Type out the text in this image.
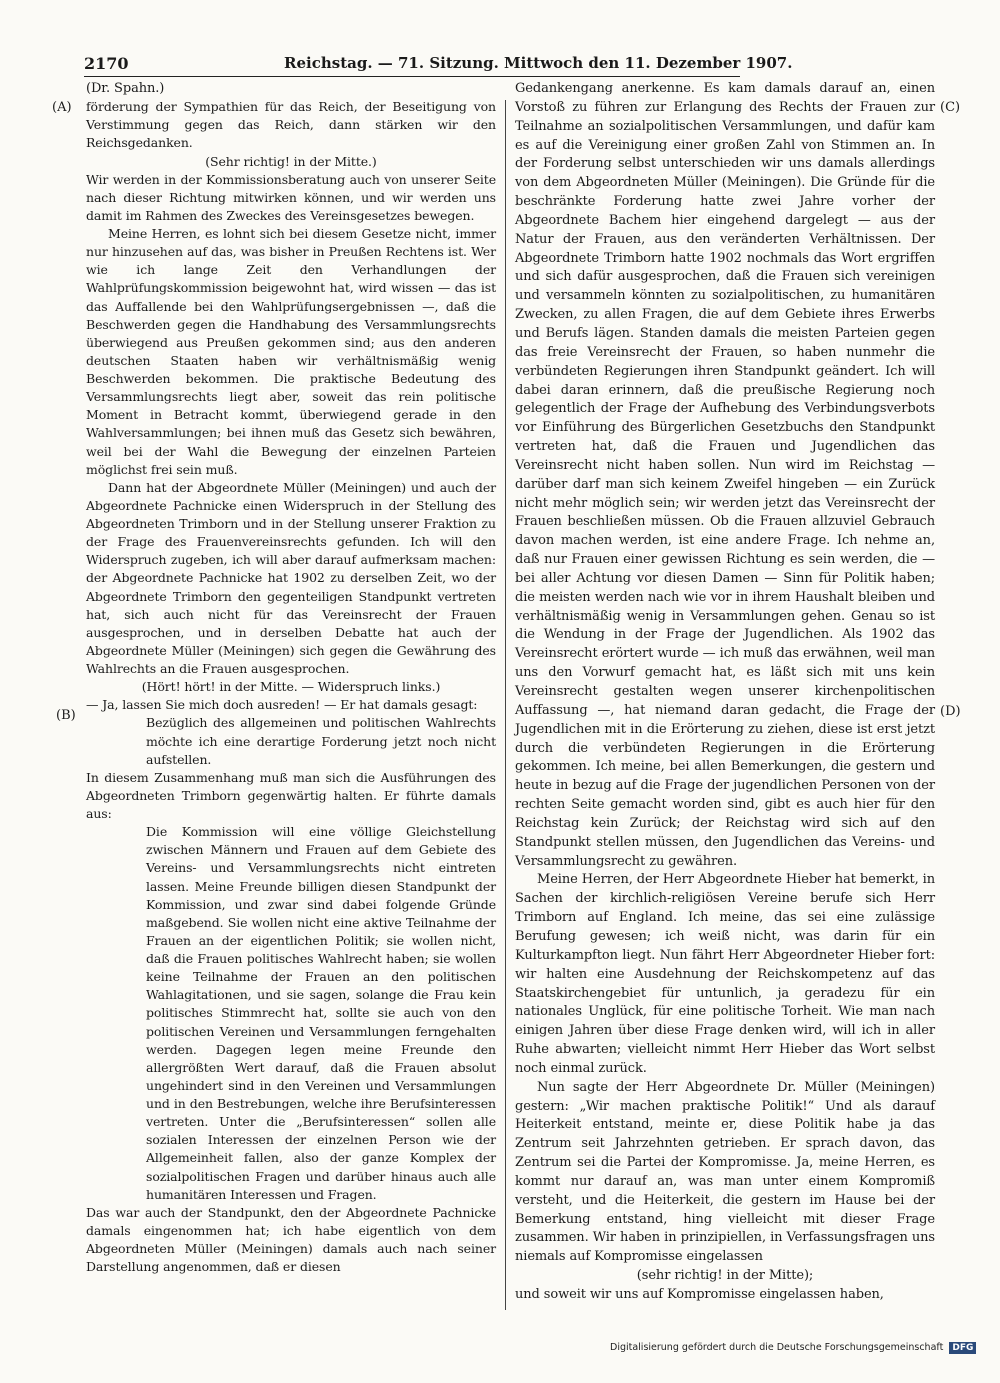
2170	Reichstag. — 71. Sitzung. Mittwoch den 11. Dezember 1907.
(A)
(B)
(C)
(D)

(Dr. Spahn.)

förderung der Sympathien für das Reich, der Beseitigung von Verstimmung gegen das Reich, dann stärken wir den Reichsgedanken.

(Sehr richtig! in der Mitte.)

Wir werden in der Kommissionsberatung auch von unserer Seite nach dieser Richtung mitwirken können, und wir werden uns damit im Rahmen des Zweckes des Vereinsgesetzes bewegen.

Meine Herren, es lohnt sich bei diesem Gesetze nicht, immer nur hinzusehen auf das, was bisher in Preußen Rechtens ist. Wer wie ich lange Zeit den Verhandlungen der Wahlprüfungskommission beigewohnt hat, wird wissen — das ist das Auffallende bei den Wahlprüfungsergebnissen —, daß die Beschwerden gegen die Handhabung des Versammlungsrechts überwiegend aus Preußen gekommen sind; aus den anderen deutschen Staaten haben wir verhältnismäßig wenig Beschwerden bekommen. Die praktische Bedeutung des Versammlungsrechts liegt aber, soweit das rein politische Moment in Betracht kommt, überwiegend gerade in den Wahlversammlungen; bei ihnen muß das Gesetz sich bewähren, weil bei der Wahl die Bewegung der einzelnen Parteien möglichst frei sein muß.

Dann hat der Abgeordnete Müller (Meiningen) und auch der Abgeordnete Pachnicke einen Widerspruch in der Stellung des Abgeordneten Trimborn und in der Stellung unserer Fraktion zu der Frage des Frauenvereinsrechts gefunden. Ich will den Widerspruch zugeben, ich will aber darauf aufmerksam machen: der Abgeordnete Pachnicke hat 1902 zu derselben Zeit, wo der Abgeordnete Trimborn den gegenteiligen Standpunkt vertreten hat, sich auch nicht für das Vereinsrecht der Frauen ausgesprochen, und in derselben Debatte hat auch der Abgeordnete Müller (Meiningen) sich gegen die Gewährung des Wahlrechts an die Frauen ausgesprochen.

(Hört! hört! in der Mitte. — Widerspruch links.)

— Ja, lassen Sie mich doch ausreden! — Er hat damals gesagt:

Bezüglich des allgemeinen und politischen Wahlrechts möchte ich eine derartige Forderung jetzt noch nicht aufstellen.

In diesem Zusammenhang muß man sich die Ausführungen des Abgeordneten Trimborn gegenwärtig halten. Er führte damals aus:

Die Kommission will eine völlige Gleichstellung zwischen Männern und Frauen auf dem Gebiete des Vereins- und Versammlungsrechts nicht eintreten lassen. Meine Freunde billigen diesen Standpunkt der Kommission, und zwar sind dabei folgende Gründe maßgebend. Sie wollen nicht eine aktive Teilnahme der Frauen an der eigentlichen Politik; sie wollen nicht, daß die Frauen politisches Wahlrecht haben; sie wollen keine Teilnahme der Frauen an den politischen Wahlagitationen, und sie sagen, solange die Frau kein politisches Stimmrecht hat, sollte sie auch von den politischen Vereinen und Versammlungen ferngehalten werden. Dagegen legen meine Freunde den allergrößten Wert darauf, daß die Frauen absolut ungehindert sind in den Vereinen und Versammlungen und in den Bestrebungen, welche ihre Berufsinteressen vertreten. Unter die „Berufsinteressen“ sollen alle sozialen Interessen der einzelnen Person wie der Allgemeinheit fallen, also der ganze Komplex der sozialpolitischen Fragen und darüber hinaus auch alle humanitären Interessen und Fragen.

Das war auch der Standpunkt, den der Abgeordnete Pachnicke damals eingenommen hat; ich habe eigentlich von dem Abgeordneten Müller (Meiningen) damals auch nach seiner Darstellung angenommen, daß er diesen

Gedankengang anerkenne. Es kam damals darauf an, einen Vorstoß zu führen zur Erlangung des Rechts der Frauen zur Teilnahme an sozialpolitischen Versammlungen, und dafür kam es auf die Vereinigung einer großen Zahl von Stimmen an. In der Forderung selbst unterschieden wir uns damals allerdings von dem Abgeordneten Müller (Meiningen). Die Gründe für die beschränkte Forderung hatte zwei Jahre vorher der Abgeordnete Bachem hier eingehend dargelegt — aus der Natur der Frauen, aus den veränderten Verhältnissen. Der Abgeordnete Trimborn hatte 1902 nochmals das Wort ergriffen und sich dafür ausgesprochen, daß die Frauen sich vereinigen und versammeln könnten zu sozialpolitischen, zu humanitären Zwecken, zu allen Fragen, die auf dem Gebiete ihres Erwerbs und Berufs lägen. Standen damals die meisten Parteien gegen das freie Vereinsrecht der Frauen, so haben nunmehr die verbündeten Regierungen ihren Standpunkt geändert. Ich will dabei daran erinnern, daß die preußische Regierung noch gelegentlich der Frage der Aufhebung des Verbindungsverbots vor Einführung des Bürgerlichen Gesetzbuchs den Standpunkt vertreten hat, daß die Frauen und Jugendlichen das Vereinsrecht nicht haben sollen. Nun wird im Reichstag — darüber darf man sich keinem Zweifel hingeben — ein Zurück nicht mehr möglich sein; wir werden jetzt das Vereinsrecht der Frauen beschließen müssen. Ob die Frauen allzuviel Gebrauch davon machen werden, ist eine andere Frage. Ich nehme an, daß nur Frauen einer gewissen Richtung es sein werden, die — bei aller Achtung vor diesen Damen — Sinn für Politik haben; die meisten werden nach wie vor in ihrem Haushalt bleiben und verhältnismäßig wenig in Versammlungen gehen. Genau so ist die Wendung in der Frage der Jugendlichen. Als 1902 das Vereinsrecht erörtert wurde — ich muß das erwähnen, weil man uns den Vorwurf gemacht hat, es läßt sich mit uns kein Vereinsrecht gestalten wegen unserer kirchenpolitischen Auffassung —, hat niemand daran gedacht, die Frage der Jugendlichen mit in die Erörterung zu ziehen, diese ist erst jetzt durch die verbündeten Regierungen in die Erörterung gekommen. Ich meine, bei allen Bemerkungen, die gestern und heute in bezug auf die Frage der jugendlichen Personen von der rechten Seite gemacht worden sind, gibt es auch hier für den Reichstag kein Zurück; der Reichstag wird sich auf den Standpunkt stellen müssen, den Jugendlichen das Vereins- und Versammlungsrecht zu gewähren.

Meine Herren, der Herr Abgeordnete Hieber hat bemerkt, in Sachen der kirchlich-religiösen Vereine berufe sich Herr Trimborn auf England. Ich meine, das sei eine zulässige Berufung gewesen; ich weiß nicht, was darin für ein Kulturkampfton liegt. Nun fährt Herr Abgeordneter Hieber fort: wir halten eine Ausdehnung der Reichskompetenz auf das Staatskirchengebiet für untunlich, ja geradezu für ein nationales Unglück, für eine politische Torheit. Wie man nach einigen Jahren über diese Frage denken wird, will ich in aller Ruhe abwarten; vielleicht nimmt Herr Hieber das Wort selbst noch einmal zurück.

Nun sagte der Herr Abgeordnete Dr. Müller (Meiningen) gestern: „Wir machen praktische Politik!“ Und als darauf Heiterkeit entstand, meinte er, diese Politik habe ja das Zentrum seit Jahrzehnten getrieben. Er sprach davon, das Zentrum sei die Partei der Kompromisse. Ja, meine Herren, es kommt nur darauf an, was man unter einem Kompromiß versteht, und die Heiterkeit, die gestern im Hause bei der Bemerkung entstand, hing vielleicht mit dieser Frage zusammen. Wir haben in prinzipiellen, in Verfassungsfragen uns niemals auf Kompromisse eingelassen

(sehr richtig! in der Mitte);

und soweit wir uns auf Kompromisse eingelassen haben,

Digitalisierung gefördert durch die Deutsche Forschungsgemeinschaft DFG
